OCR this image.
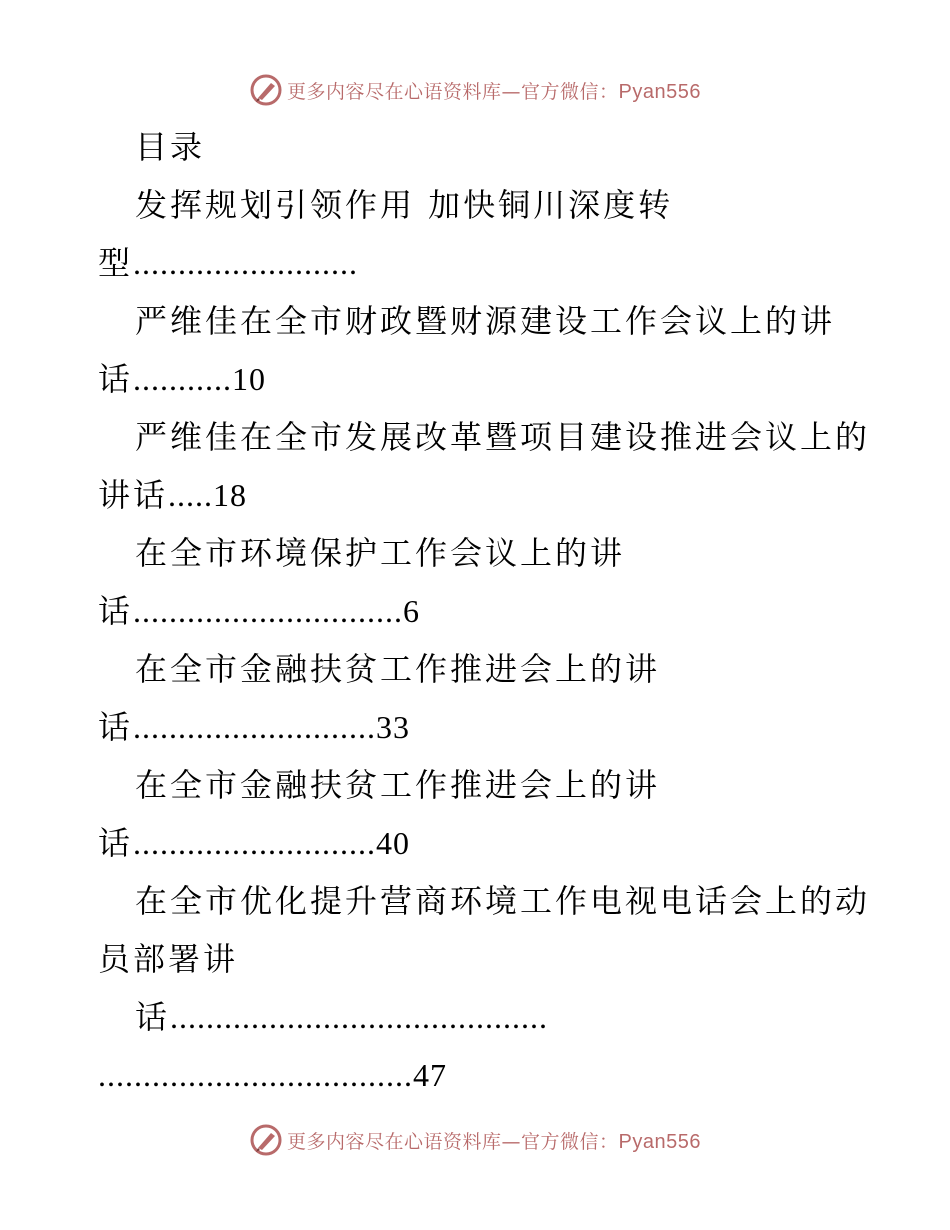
更多内容尽在心语资料库—官方微信：Pyan556
目录
发挥规划引领作用 加快铜川深度转
型.........................
严维佳在全市财政暨财源建设工作会议上的讲
话...........10
严维佳在全市发展改革暨项目建设推进会议上的
讲话.....18
在全市环境保护工作会议上的讲
话..............................6
在全市金融扶贫工作推进会上的讲
话...........................33
在全市金融扶贫工作推进会上的讲
话...........................40
在全市优化提升营商环境工作电视电话会上的动
员部署讲
话..........................................
...................................47
更多内容尽在心语资料库—官方微信：Pyan556
